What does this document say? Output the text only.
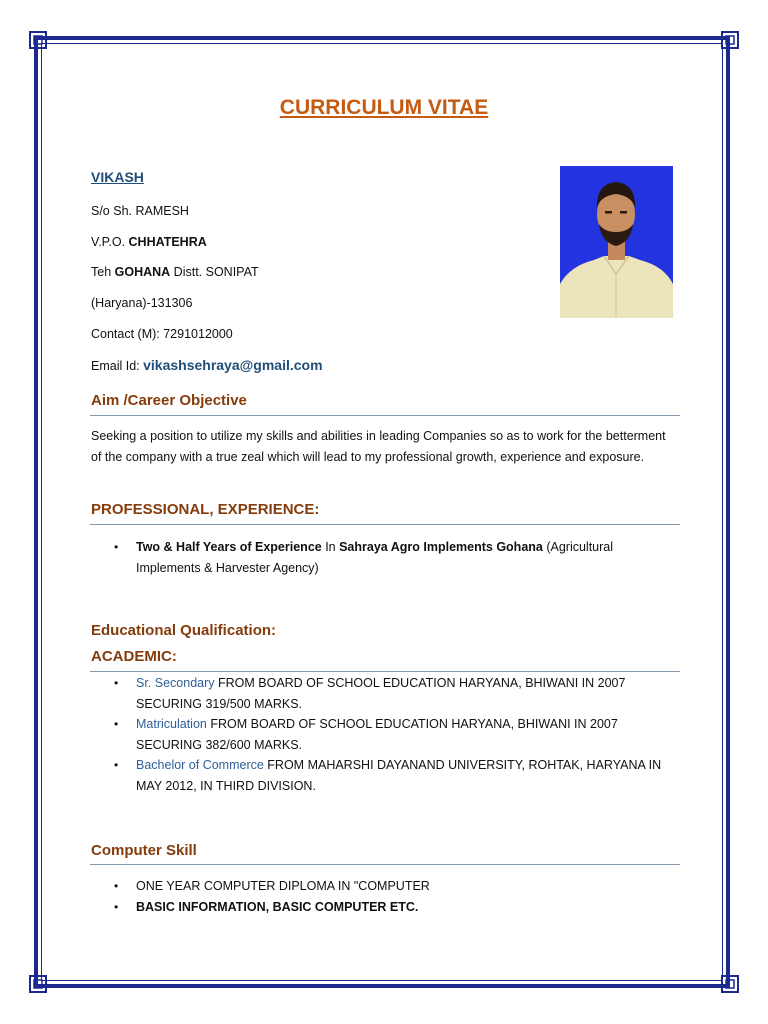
CURRICULUM VITAE
VIKASH
S/o Sh. RAMESH
V.P.O. CHHATEHRA
Teh GOHANA Distt. SONIPAT
(Haryana)-131306
Contact (M): 7291012000
Email Id: vikashsehraya@gmail.com
Aim /Career Objective
Seeking a position to utilize my skills and abilities in leading Companies so as to work for the betterment of the company with a true zeal which will lead to my professional growth, experience and exposure.
PROFESSIONAL, EXPERIENCE:
• Two & Half Years of Experience In Sahraya Agro Implements Gohana (Agricultural Implements & Harvester Agency)
Educational Qualification:
ACADEMIC:
• Sr. Secondary FROM BOARD OF SCHOOL EDUCATION HARYANA, BHIWANI IN 2007 SECURING 319/500 MARKS.
• Matriculation FROM BOARD OF SCHOOL EDUCATION HARYANA, BHIWANI IN 2007 SECURING 382/600 MARKS.
• Bachelor of Commerce FROM MAHARSHI DAYANAND UNIVERSITY, ROHTAK, HARYANA IN MAY 2012, IN THIRD DIVISION.
Computer Skill
• ONE YEAR COMPUTER DIPLOMA IN "COMPUTER
• BASIC INFORMATION, BASIC COMPUTER ETC.
